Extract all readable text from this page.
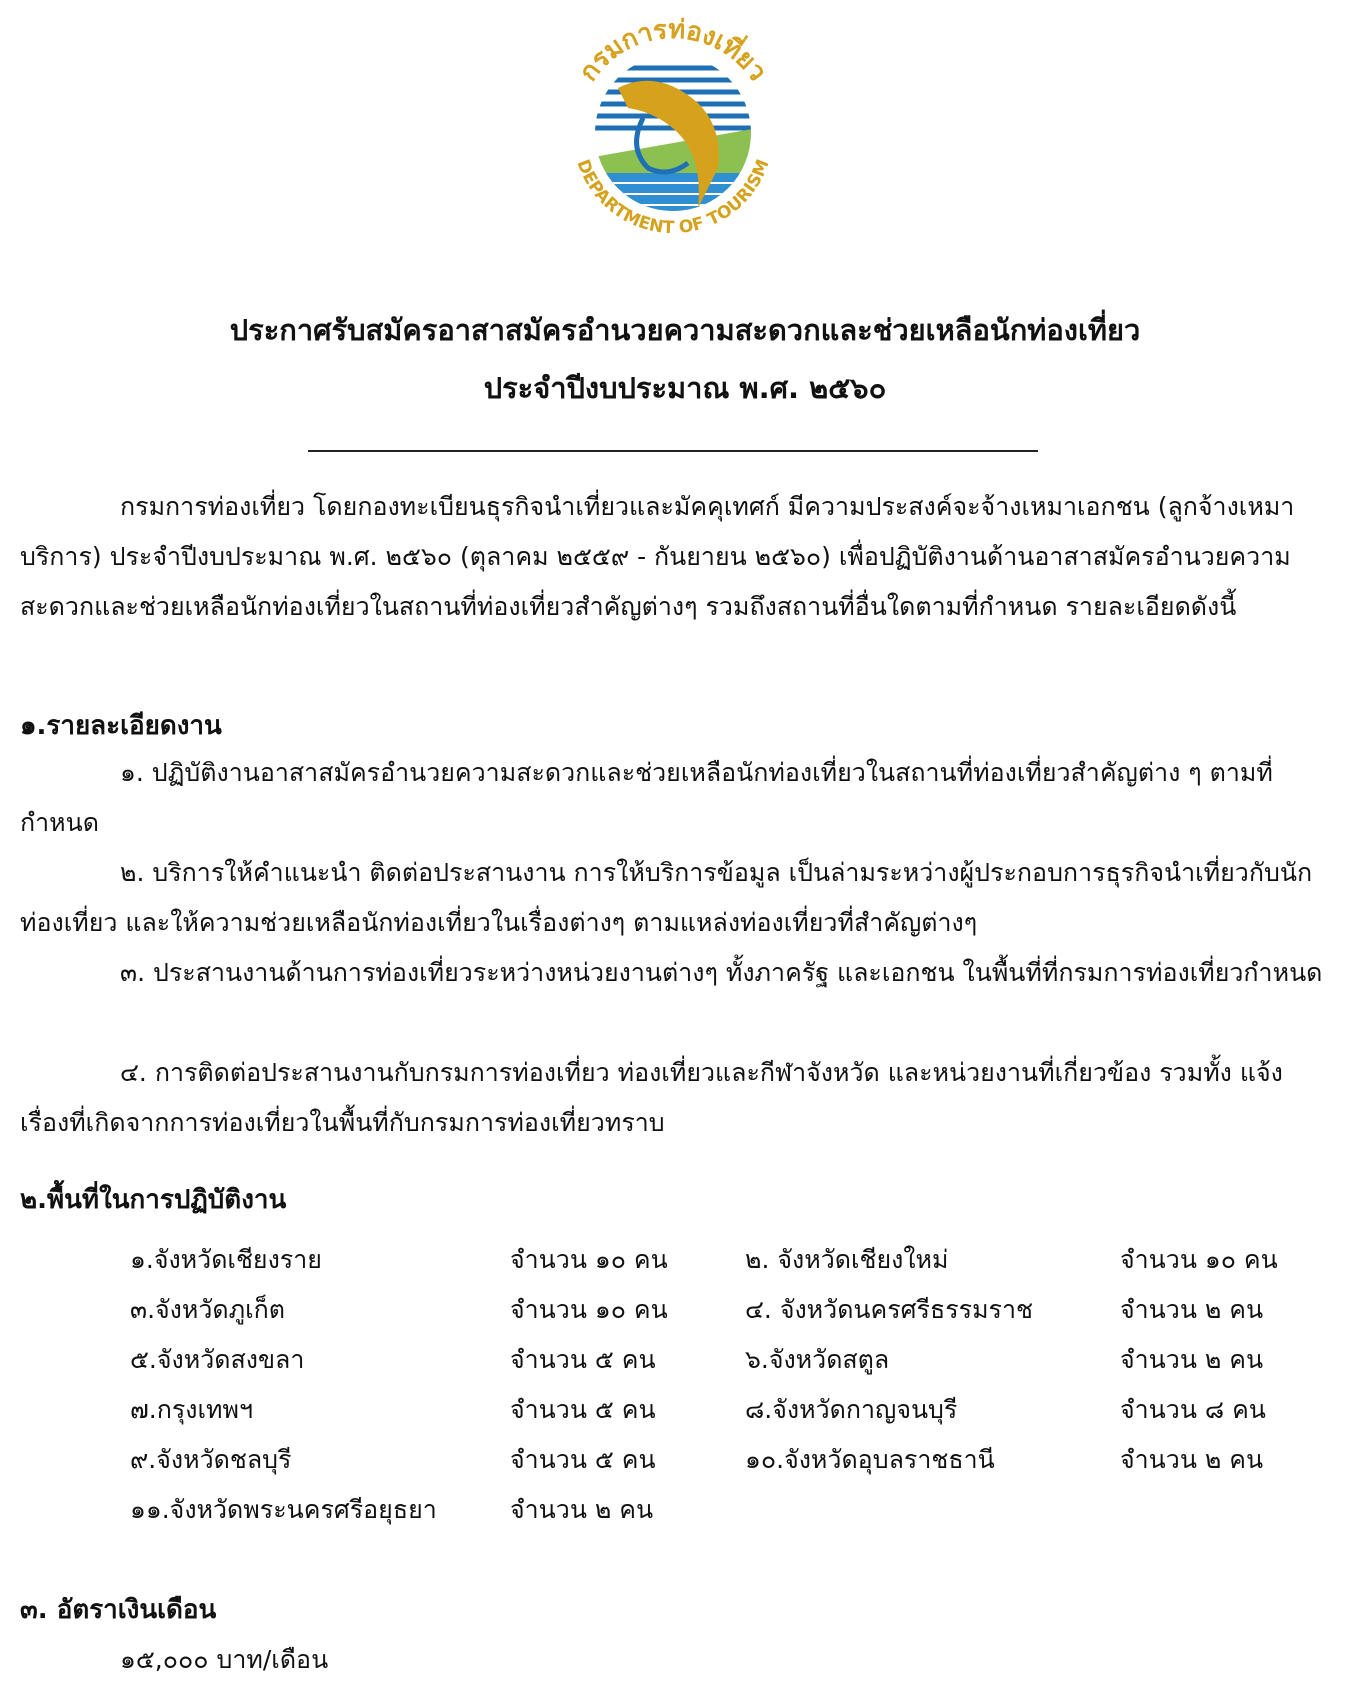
กรมการท่องเที่ยว
DEPARTMENT OF TOURISM
ประกาศรับสมัครอาสาสมัครอำนวยความสะดวกและช่วยเหลือนักท่องเที่ยว
ประจำปีงบประมาณ พ.ศ. ๒๕๖๐
กรมการท่องเที่ยว โดยกองทะเบียนธุรกิจนำเที่ยวและมัคคุเทศก์ มีความประสงค์จะจ้างเหมาเอกชน (ลูกจ้างเหมาบริการ) ประจำปีงบประมาณ พ.ศ. ๒๕๖๐ (ตุลาคม ๒๕๕๙ - กันยายน ๒๕๖๐) เพื่อปฏิบัติงานด้านอาสาสมัครอำนวยความสะดวกและช่วยเหลือนักท่องเที่ยวในสถานที่ท่องเที่ยวสำคัญต่างๆ รวมถึงสถานที่อื่นใดตามที่กำหนด รายละเอียดดังนี้
๑.รายละเอียดงาน
๑. ปฏิบัติงานอาสาสมัครอำนวยความสะดวกและช่วยเหลือนักท่องเที่ยวในสถานที่ท่องเที่ยวสำคัญต่าง ๆ ตามที่กำหนด
๒. บริการให้คำแนะนำ ติดต่อประสานงาน การให้บริการข้อมูล เป็นล่ามระหว่างผู้ประกอบการธุรกิจนำเที่ยวกับนักท่องเที่ยว และให้ความช่วยเหลือนักท่องเที่ยวในเรื่องต่างๆ ตามแหล่งท่องเที่ยวที่สำคัญต่างๆ
๓. ประสานงานด้านการท่องเที่ยวระหว่างหน่วยงานต่างๆ ทั้งภาครัฐ และเอกชน ในพื้นที่ที่กรมการท่องเที่ยวกำหนด
๔. การติดต่อประสานงานกับกรมการท่องเที่ยว ท่องเที่ยวและกีฬาจังหวัด และหน่วยงานที่เกี่ยวข้อง รวมทั้ง แจ้งเรื่องที่เกิดจากการท่องเที่ยวในพื้นที่กับกรมการท่องเที่ยวทราบ
๒.พื้นที่ในการปฏิบัติงาน
๑.จังหวัดเชียงราย	จำนวน ๑๐ คน	๒. จังหวัดเชียงใหม่	จำนวน ๑๐ คน
๓.จังหวัดภูเก็ต	จำนวน ๑๐ คน	๔. จังหวัดนครศรีธรรมราช	จำนวน ๒ คน
๕.จังหวัดสงขลา	จำนวน ๕ คน	๖.จังหวัดสตูล	จำนวน ๒ คน
๗.กรุงเทพฯ	จำนวน ๕ คน	๘.จังหวัดกาญจนบุรี	จำนวน ๘ คน
๙.จังหวัดชลบุรี	จำนวน ๕ คน	๑๐.จังหวัดอุบลราชธานี	จำนวน ๒ คน
๑๑.จังหวัดพระนครศรีอยุธยา	จำนวน ๒ คน
๓. อัตราเงินเดือน
๑๕,๐๐๐ บาท/เดือน
